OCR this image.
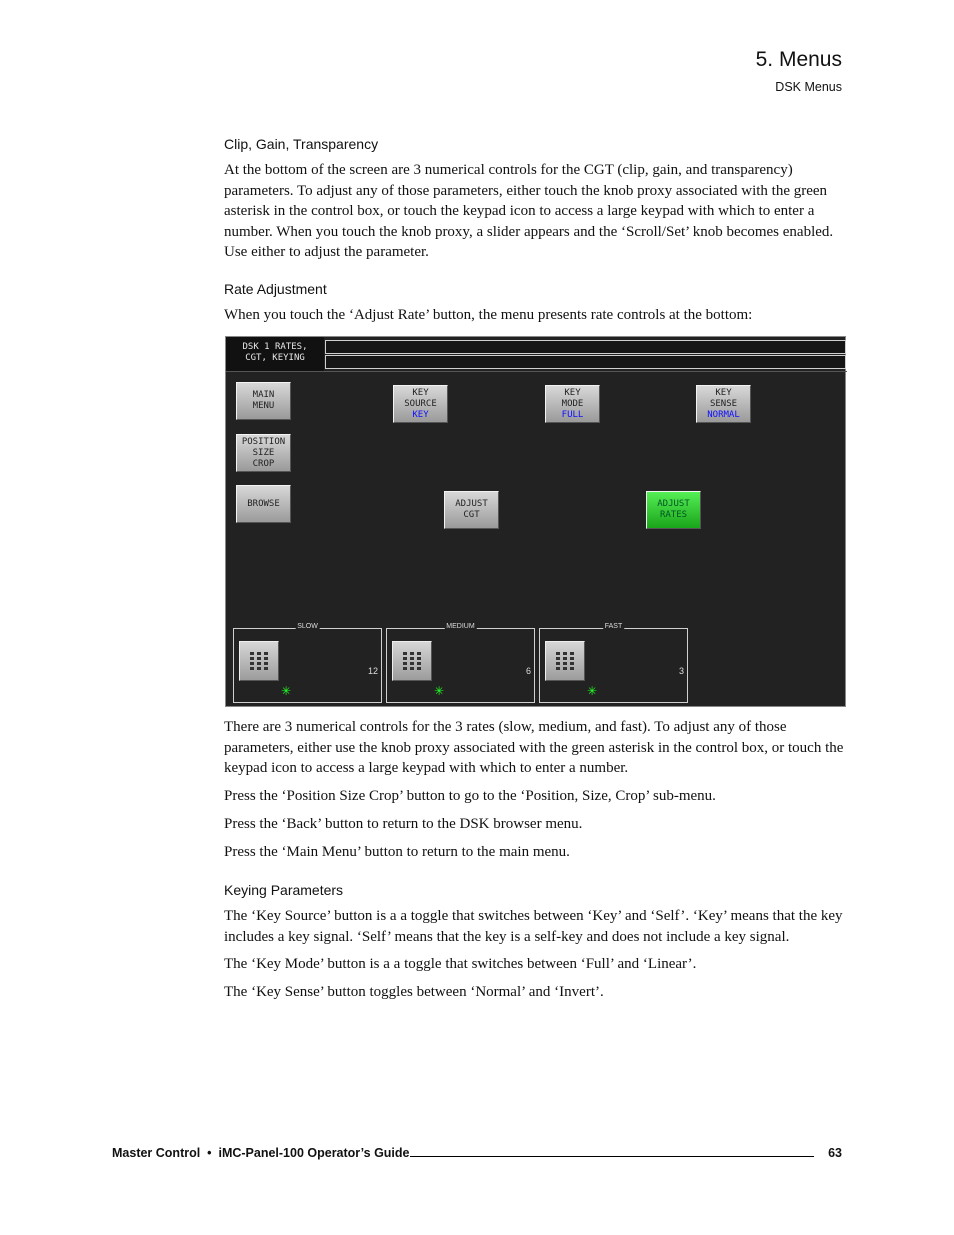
5. Menus
DSK Menus
Clip, Gain, Transparency

At the bottom of the screen are 3 numerical controls for the CGT (clip, gain, and transparency) parameters. To adjust any of those parameters, either touch the knob proxy associated with the green asterisk in the control box, or touch the keypad icon to access a large keypad with which to enter a number. When you touch the knob proxy, a slider appears and the ‘Scroll/Set’ knob becomes enabled. Use either to adjust the parameter.

Rate Adjustment

When you touch the ‘Adjust Rate’ button, the menu presents rate controls at the bottom:

DSK 1 RATES,
CGT, KEYING
MAIN
MENU
POSITION
SIZE
CROP
BROWSE
KEY
SOURCE
KEY
KEY
MODE
FULL
KEY
SENSE
NORMAL
ADJUST
CGT
ADJUST
RATES
SLOW
12
✳
MEDIUM
6
✳
FAST
3
✳

There are 3 numerical controls for the 3 rates (slow, medium, and fast). To adjust any of those parameters, either use the knob proxy associated with the green asterisk in the control box, or touch the keypad icon to access a large keypad with which to enter a number.

Press the ‘Position Size Crop’ button to go to the ‘Position, Size, Crop’ sub-menu.

Press the ‘Back’ button to return to the DSK browser menu.

Press the ‘Main Menu’ button to return to the main menu.

Keying Parameters

The ‘Key Source’ button is a a toggle that switches between ‘Key’ and ‘Self’. ‘Key’ means that the key includes a key signal. ‘Self’ means that the key is a self-key and does not include a key signal.

The ‘Key Mode’ button is a a toggle that switches between ‘Full’ and ‘Linear’.

The ‘Key Sense’ button toggles between ‘Normal’ and ‘Invert’.

Master Control  •  iMC-Panel-100 Operator’s Guide	63
